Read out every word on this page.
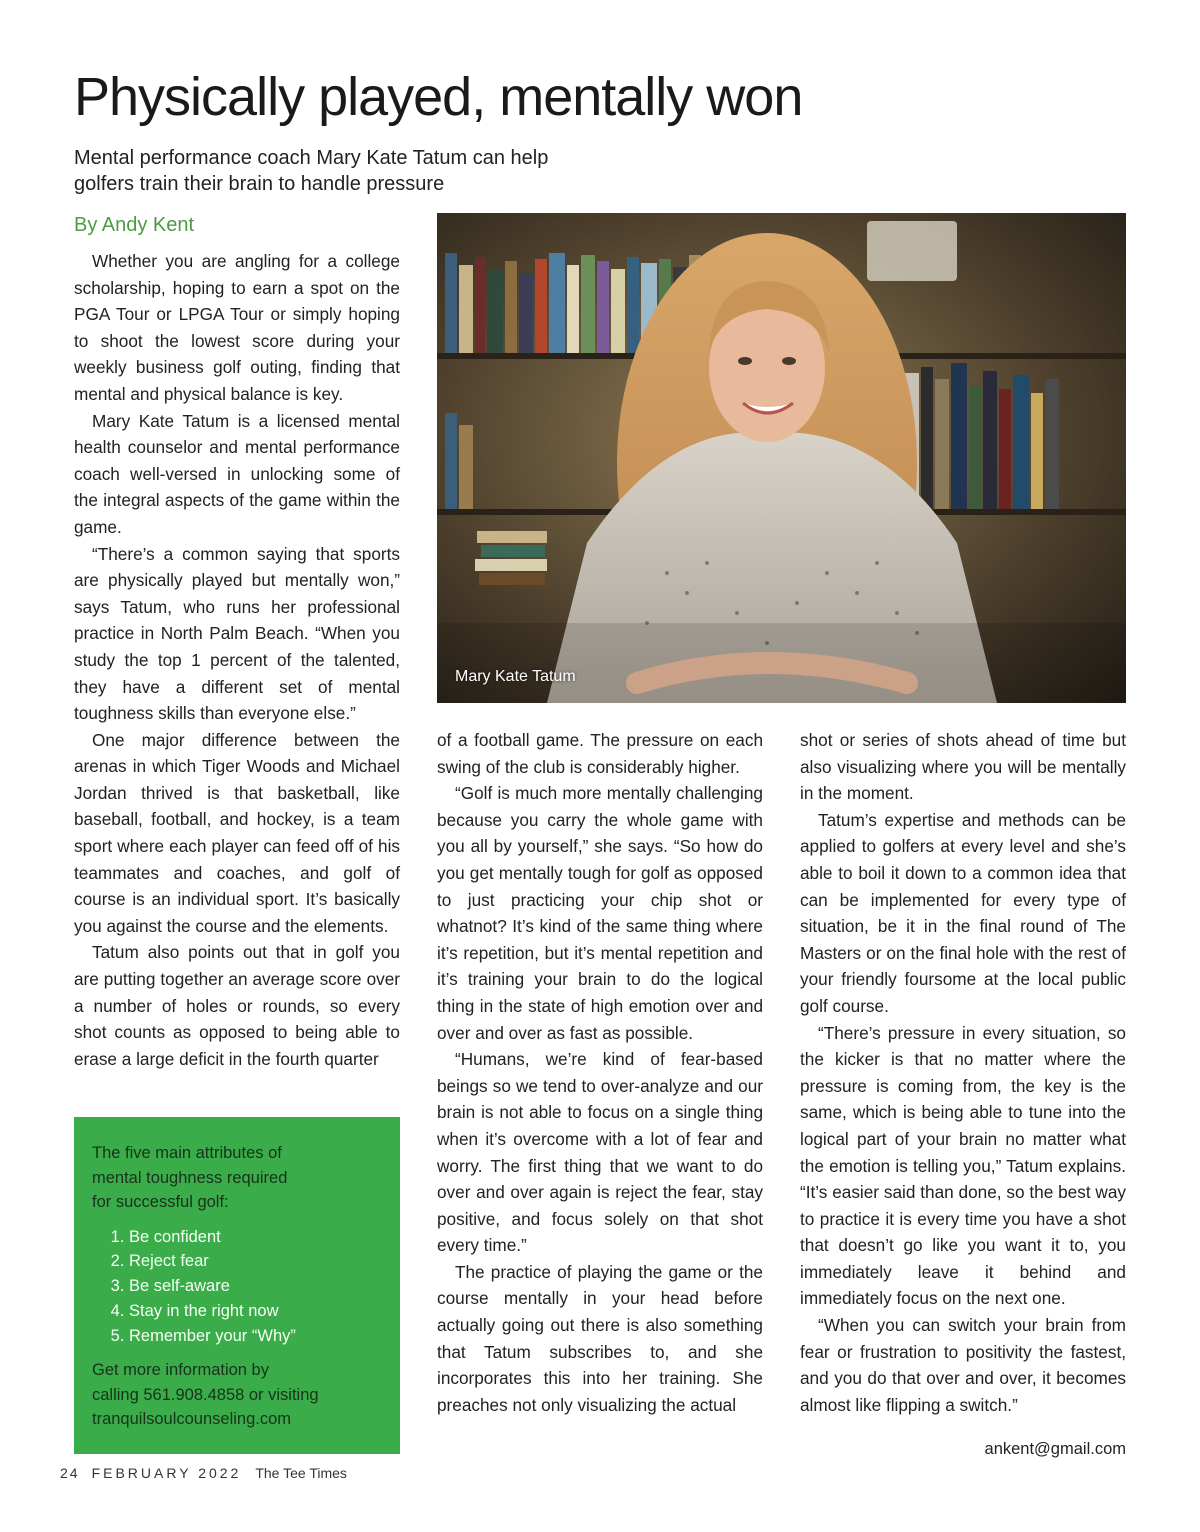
Physically played, mentally won
Mental performance coach Mary Kate Tatum can help
golfers train their brain to handle pressure
By Andy Kent

Whether you are angling for a college scholarship, hoping to earn a spot on the PGA Tour or LPGA Tour or simply hoping to shoot the lowest score during your weekly business golf outing, finding that mental and physical balance is key.

Mary Kate Tatum is a licensed mental health counselor and mental performance coach well-versed in unlocking some of the integral aspects of the game within the game.

“There’s a common saying that sports are physically played but mentally won,” says Tatum, who runs her professional practice in North Palm Beach. “When you study the top 1 percent of the talented, they have a different set of mental toughness skills than everyone else.”

One major difference between the arenas in which Tiger Woods and Michael Jordan thrived is that basketball, like baseball, football, and hockey, is a team sport where each player can feed off of his teammates and coaches, and golf of course is an individual sport. It’s basically you against the course and the elements.

Tatum also points out that in golf you are putting together an average score over a number of holes or rounds, so every shot counts as opposed to being able to erase a large deficit in the fourth quarter

Mary Kate Tatum

of a football game. The pressure on each swing of the club is considerably higher.

“Golf is much more mentally challenging because you carry the whole game with you all by yourself,” she says. “So how do you get mentally tough for golf as opposed to just practicing your chip shot or whatnot? It’s kind of the same thing where it’s repetition, but it’s mental repetition and it’s training your brain to do the logical thing in the state of high emotion over and over and over as fast as possible.

“Humans, we’re kind of fear-based beings so we tend to over-analyze and our brain is not able to focus on a single thing when it’s overcome with a lot of fear and worry. The first thing that we want to do over and over again is reject the fear, stay positive, and focus solely on that shot every time.”

The practice of playing the game or the course mentally in your head before actually going out there is also something that Tatum subscribes to, and she incorporates this into her training. She preaches not only visualizing the actual

shot or series of shots ahead of time but also visualizing where you will be mentally in the moment.

Tatum’s expertise and methods can be applied to golfers at every level and she’s able to boil it down to a common idea that can be implemented for every type of situation, be it in the final round of The Masters or on the final hole with the rest of your friendly foursome at the local public golf course.

“There’s pressure in every situation, so the kicker is that no matter where the pressure is coming from, the key is the same, which is being able to tune into the logical part of your brain no matter what the emotion is telling you,” Tatum explains. “It’s easier said than done, so the best way to practice it is every time you have a shot that doesn’t go like you want it to, you immediately leave it behind and immediately focus on the next one.

“When you can switch your brain from fear or frustration to positivity the fastest, and you do that over and over, it becomes almost like flipping a switch.”

The five main attributes of
mental toughness required
for successful golf:
1. Be confident
2. Reject fear
3. Be self-aware
4. Stay in the right now
5. Remember your “Why”
Get more information by
calling 561.908.4858 or visiting
tranquilsoulcounseling.com
ankent@gmail.com
24 FEBRUARY 2022 The Tee Times
